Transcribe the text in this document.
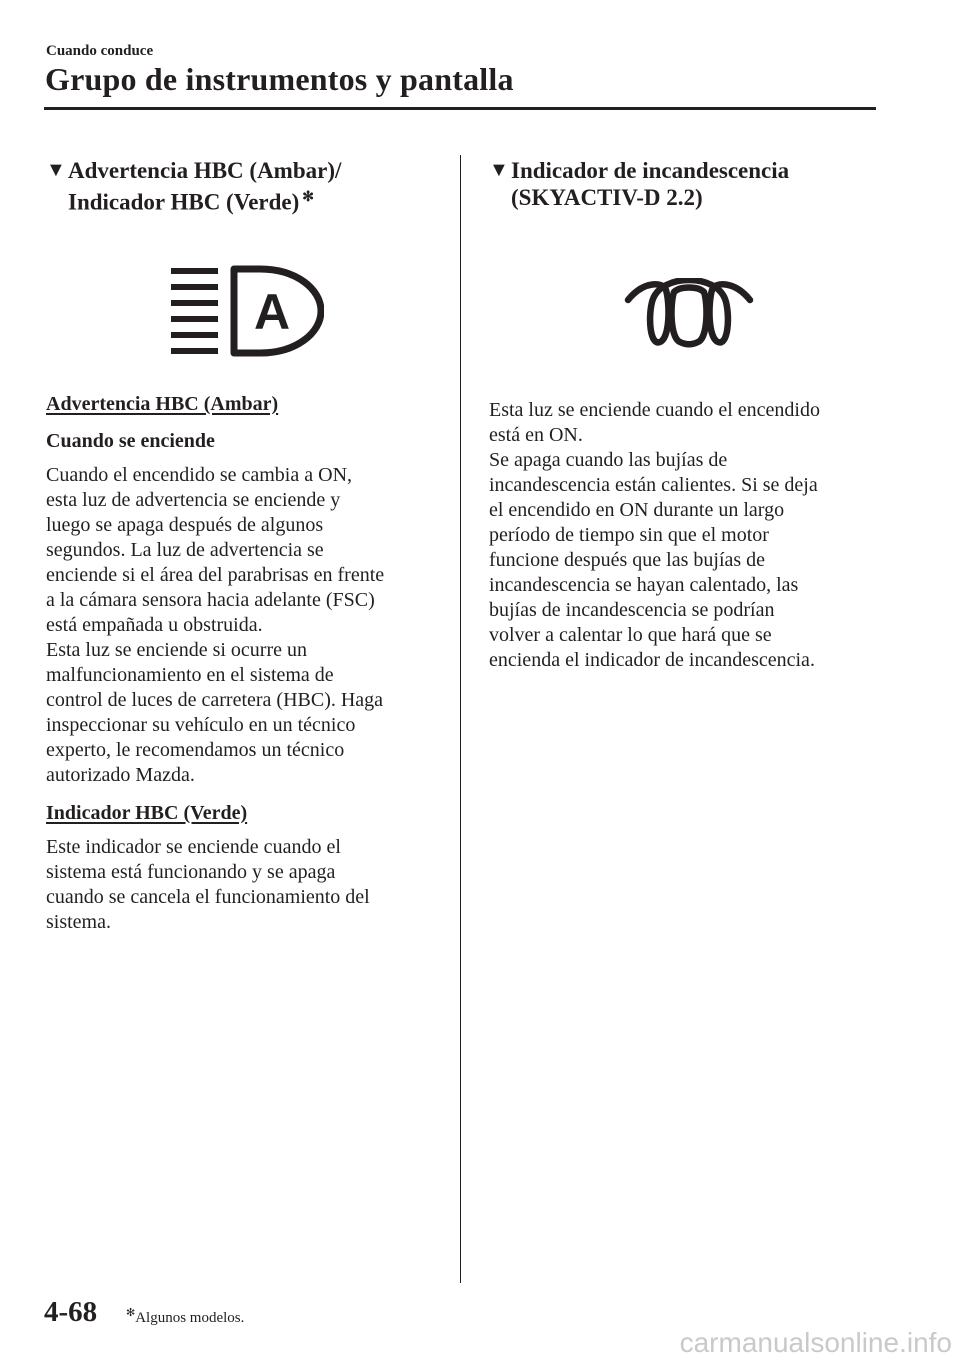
Cuando conduce
Grupo de instrumentos y pantalla
▼ Advertencia HBC (Ambar)/
Indicador HBC (Verde) ✻
A
Advertencia HBC (Ambar)
Cuando se enciende
Cuando el encendido se cambia a ON,
esta luz de advertencia se enciende y
luego se apaga después de algunos
segundos. La luz de advertencia se
enciende si el área del parabrisas en frente
a la cámara sensora hacia adelante (FSC)
está empañada u obstruida.
Esta luz se enciende si ocurre un
malfuncionamiento en el sistema de
control de luces de carretera (HBC). Haga
inspeccionar su vehículo en un técnico
experto, le recomendamos un técnico
autorizado Mazda.
Indicador HBC (Verde)
Este indicador se enciende cuando el
sistema está funcionando y se apaga
cuando se cancela el funcionamiento del
sistema.
▼ Indicador de incandescencia
(SKYACTIV-D 2.2)
Esta luz se enciende cuando el encendido
está en ON.
Se apaga cuando las bujías de
incandescencia están calientes. Si se deja
el encendido en ON durante un largo
período de tiempo sin que el motor
funcione después que las bujías de
incandescencia se hayan calentado, las
bujías de incandescencia se podrían
volver a calentar lo que hará que se
encienda el indicador de incandescencia.
4-68	✻Algunos modelos.
carmanualsonline.info
